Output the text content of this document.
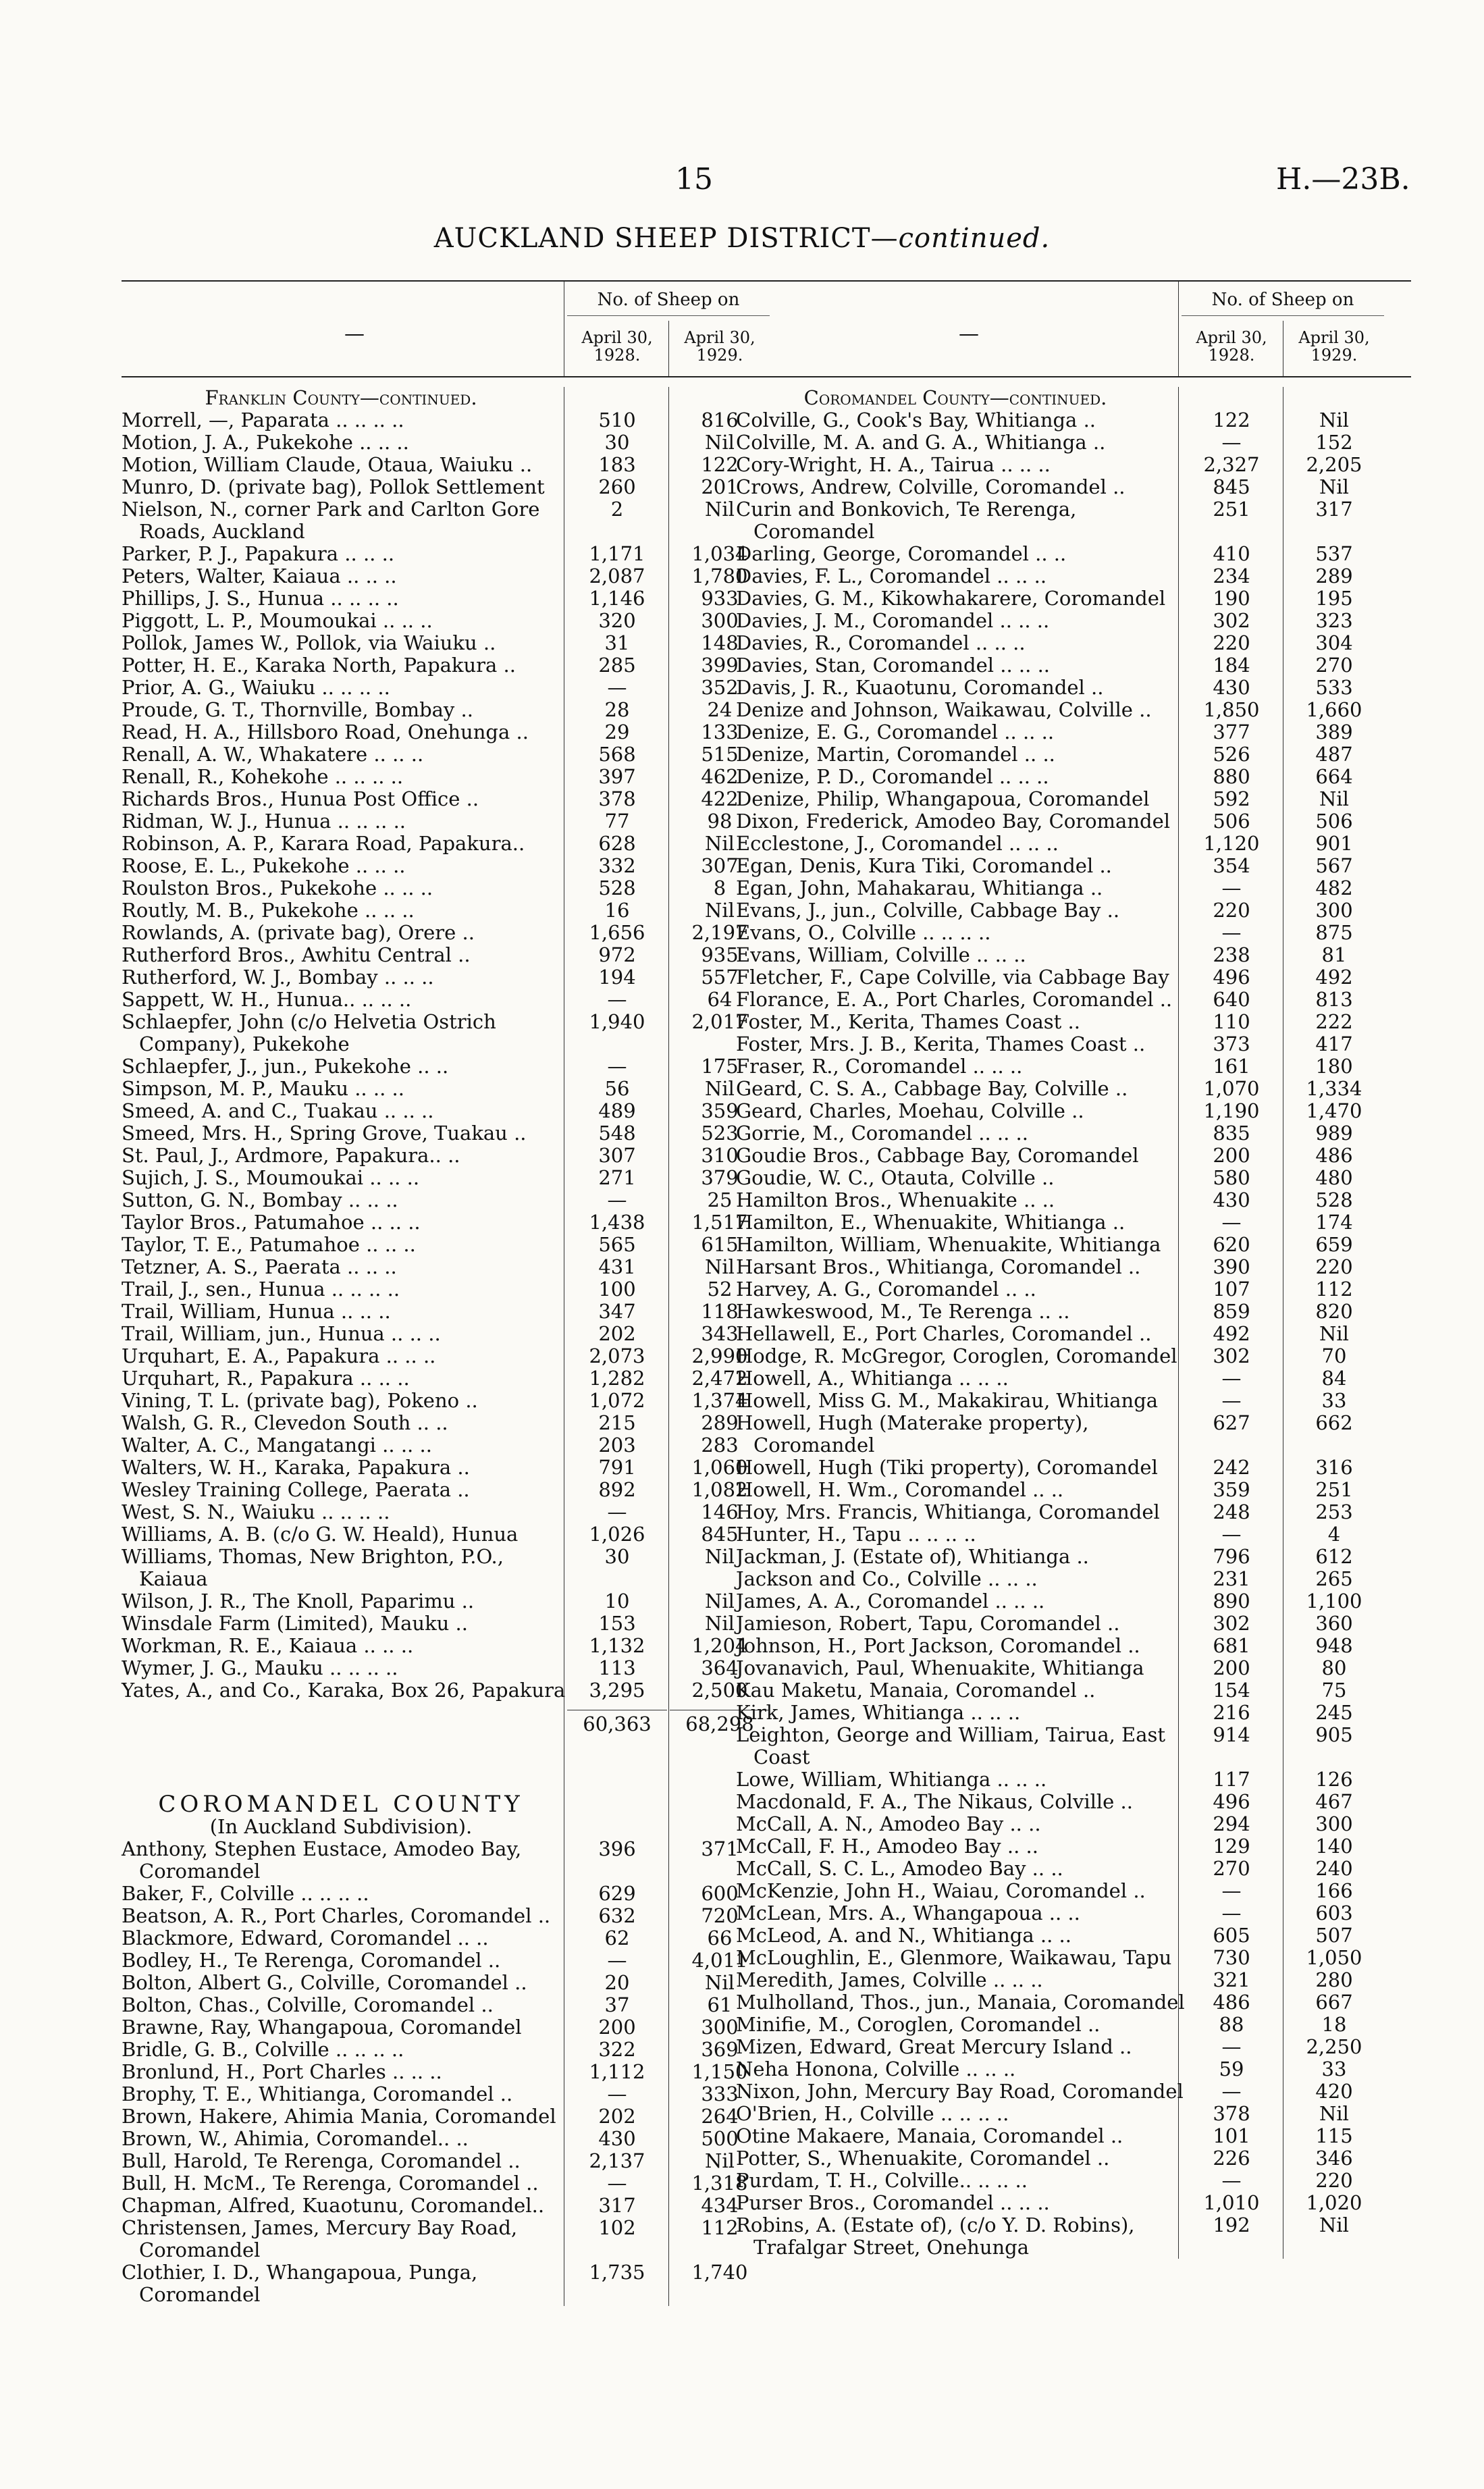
15	H.—23B.
AUCKLAND SHEEP DISTRICT—continued.
—
No. of Sheep on
April 30, 1928.
April 30, 1929.
Franklin County—continued.
Morrell, —, Paparata .. .. .. ..	510	816
Motion, J. A., Pukekohe .. .. ..	30	Nil
Motion, William Claude, Otaua, Waiuku ..	183	122
Munro, D. (private bag), Pollok Settlement	260	201
Nielson, N., corner Park and Carlton Gore Roads, Auckland
2	Nil
Parker, P. J., Papakura .. .. ..	1,171	1,034
Peters, Walter, Kaiaua .. .. ..	2,087	1,780
Phillips, J. S., Hunua .. .. .. ..	1,146	933
Piggott, L. P., Moumoukai .. .. ..	320	300
Pollok, James W., Pollok, via Waiuku ..	31	148
Potter, H. E., Karaka North, Papakura ..	285	399
Prior, A. G., Waiuku .. .. .. ..	—	352
Proude, G. T., Thornville, Bombay ..	28	24
Read, H. A., Hillsboro Road, Onehunga ..	29	133
Renall, A. W., Whakatere .. .. ..	568	515
Renall, R., Kohekohe .. .. .. ..	397	462
Richards Bros., Hunua Post Office ..	378	422
Ridman, W. J., Hunua .. .. .. ..	77	98
Robinson, A. P., Karara Road, Papakura..	628	Nil
Roose, E. L., Pukekohe .. .. ..	332	307
Roulston Bros., Pukekohe .. .. ..	528	8
Routly, M. B., Pukekohe .. .. ..	16	Nil
Rowlands, A. (private bag), Orere ..	1,656	2,197
Rutherford Bros., Awhitu Central ..	972	935
Rutherford, W. J., Bombay .. .. ..	194	557
Sappett, W. H., Hunua.. .. .. ..	—	64
Schlaepfer, John (c/o Helvetia Ostrich Company), Pukekohe
1,940	2,017
Schlaepfer, J., jun., Pukekohe .. ..	—	175
Simpson, M. P., Mauku .. .. ..	56	Nil
Smeed, A. and C., Tuakau .. .. ..	489	359
Smeed, Mrs. H., Spring Grove, Tuakau ..	548	523
St. Paul, J., Ardmore, Papakura.. ..	307	310
Sujich, J. S., Moumoukai .. .. ..	271	379
Sutton, G. N., Bombay .. .. ..	—	25
Taylor Bros., Patumahoe .. .. ..	1,438	1,517
Taylor, T. E., Patumahoe .. .. ..	565	615
Tetzner, A. S., Paerata .. .. ..	431	Nil
Trail, J., sen., Hunua .. .. .. ..	100	52
Trail, William, Hunua .. .. ..	347	118
Trail, William, jun., Hunua .. .. ..	202	343
Urquhart, E. A., Papakura .. .. ..	2,073	2,990
Urquhart, R., Papakura .. .. ..	1,282	2,472
Vining, T. L. (private bag), Pokeno ..	1,072	1,374
Walsh, G. R., Clevedon South .. ..	215	289
Walter, A. C., Mangatangi .. .. ..	203	283
Walters, W. H., Karaka, Papakura ..	791	1,060
Wesley Training College, Paerata ..	892	1,082
West, S. N., Waiuku .. .. .. ..	—	146
Williams, A. B. (c/o G. W. Heald), Hunua	1,026	845
Williams, Thomas, New Brighton, P.O., Kaiaua
30	Nil
Wilson, J. R., The Knoll, Paparimu ..	10	Nil
Winsdale Farm (Limited), Mauku ..	153	Nil
Workman, R. E., Kaiaua .. .. ..	1,132	1,204
Wymer, J. G., Mauku .. .. .. ..	113	364
Yates, A., and Co., Karaka, Box 26, Papakura	3,295	2,500
60,363	68,298
COROMANDEL COUNTY
(In Auckland Subdivision).
Anthony, Stephen Eustace, Amodeo Bay, Coromandel
396	371
Baker, F., Colville .. .. .. ..	629	600
Beatson, A. R., Port Charles, Coromandel ..	632	720
Blackmore, Edward, Coromandel .. ..	62	66
Bodley, H., Te Rerenga, Coromandel ..	—	4,011
Bolton, Albert G., Colville, Coromandel ..	20	Nil
Bolton, Chas., Colville, Coromandel ..	37	61
Brawne, Ray, Whangapoua, Coromandel	200	300
Bridle, G. B., Colville .. .. .. ..	322	369
Bronlund, H., Port Charles .. .. ..	1,112	1,150
Brophy, T. E., Whitianga, Coromandel ..	—	333
Brown, Hakere, Ahimia Mania, Coromandel	202	264
Brown, W., Ahimia, Coromandel.. ..	430	500
Bull, Harold, Te Rerenga, Coromandel ..	2,137	Nil
Bull, H. McM., Te Rerenga, Coromandel ..	—	1,318
Chapman, Alfred, Kuaotunu, Coromandel..	317	434
Christensen, James, Mercury Bay Road, Coromandel
102	112
Clothier, I. D., Whangapoua, Punga, Coromandel
1,735	1,740
—
No. of Sheep on
April 30, 1928.
April 30, 1929.
Coromandel County—continued.
Colville, G., Cook's Bay, Whitianga ..	122	Nil
Colville, M. A. and G. A., Whitianga ..	—	152
Cory-Wright, H. A., Tairua .. .. ..	2,327	2,205
Crows, Andrew, Colville, Coromandel ..	845	Nil
Curin and Bonkovich, Te Rerenga, Coromandel
251	317
Darling, George, Coromandel .. ..	410	537
Davies, F. L., Coromandel .. .. ..	234	289
Davies, G. M., Kikowhakarere, Coromandel	190	195
Davies, J. M., Coromandel .. .. ..	302	323
Davies, R., Coromandel .. .. ..	220	304
Davies, Stan, Coromandel .. .. ..	184	270
Davis, J. R., Kuaotunu, Coromandel ..	430	533
Denize and Johnson, Waikawau, Colville ..	1,850	1,660
Denize, E. G., Coromandel .. .. ..	377	389
Denize, Martin, Coromandel .. ..	526	487
Denize, P. D., Coromandel .. .. ..	880	664
Denize, Philip, Whangapoua, Coromandel	592	Nil
Dixon, Frederick, Amodeo Bay, Coromandel	506	506
Ecclestone, J., Coromandel .. .. ..	1,120	901
Egan, Denis, Kura Tiki, Coromandel ..	354	567
Egan, John, Mahakarau, Whitianga ..	—	482
Evans, J., jun., Colville, Cabbage Bay ..	220	300
Evans, O., Colville .. .. .. ..	—	875
Evans, William, Colville .. .. ..	238	81
Fletcher, F., Cape Colville, via Cabbage Bay	496	492
Florance, E. A., Port Charles, Coromandel ..	640	813
Foster, M., Kerita, Thames Coast ..	110	222
Foster, Mrs. J. B., Kerita, Thames Coast ..	373	417
Fraser, R., Coromandel .. .. ..	161	180
Geard, C. S. A., Cabbage Bay, Colville ..	1,070	1,334
Geard, Charles, Moehau, Colville ..	1,190	1,470
Gorrie, M., Coromandel .. .. ..	835	989
Goudie Bros., Cabbage Bay, Coromandel	200	486
Goudie, W. C., Otauta, Colville ..	580	480
Hamilton Bros., Whenuakite .. ..	430	528
Hamilton, E., Whenuakite, Whitianga ..	—	174
Hamilton, William, Whenuakite, Whitianga	620	659
Harsant Bros., Whitianga, Coromandel ..	390	220
Harvey, A. G., Coromandel .. ..	107	112
Hawkeswood, M., Te Rerenga .. ..	859	820
Hellawell, E., Port Charles, Coromandel ..	492	Nil
Hodge, R. McGregor, Coroglen, Coromandel	302	70
Howell, A., Whitianga .. .. ..	—	84
Howell, Miss G. M., Makakirau, Whitianga	—	33
Howell, Hugh (Materake property), Coromandel
627	662
Howell, Hugh (Tiki property), Coromandel	242	316
Howell, H. Wm., Coromandel .. ..	359	251
Hoy, Mrs. Francis, Whitianga, Coromandel	248	253
Hunter, H., Tapu .. .. .. ..	—	4
Jackman, J. (Estate of), Whitianga ..	796	612
Jackson and Co., Colville .. .. ..	231	265
James, A. A., Coromandel .. .. ..	890	1,100
Jamieson, Robert, Tapu, Coromandel ..	302	360
Johnson, H., Port Jackson, Coromandel ..	681	948
Jovanavich, Paul, Whenuakite, Whitianga	200	80
Kau Maketu, Manaia, Coromandel ..	154	75
Kirk, James, Whitianga .. .. ..	216	245
Leighton, George and William, Tairua, East Coast
914	905
Lowe, William, Whitianga .. .. ..	117	126
Macdonald, F. A., The Nikaus, Colville ..	496	467
McCall, A. N., Amodeo Bay .. ..	294	300
McCall, F. H., Amodeo Bay .. ..	129	140
McCall, S. C. L., Amodeo Bay .. ..	270	240
McKenzie, John H., Waiau, Coromandel ..	—	166
McLean, Mrs. A., Whangapoua .. ..	—	603
McLeod, A. and N., Whitianga .. ..	605	507
McLoughlin, E., Glenmore, Waikawau, Tapu	730	1,050
Meredith, James, Colville .. .. ..	321	280
Mulholland, Thos., jun., Manaia, Coromandel	486	667
Minifie, M., Coroglen, Coromandel ..	88	18
Mizen, Edward, Great Mercury Island ..	—	2,250
Neha Honona, Colville .. .. ..	59	33
Nixon, John, Mercury Bay Road, Coromandel	—	420
O'Brien, H., Colville .. .. .. ..	378	Nil
Otine Makaere, Manaia, Coromandel ..	101	115
Potter, S., Whenuakite, Coromandel ..	226	346
Purdam, T. H., Colville.. .. .. ..	—	220
Purser Bros., Coromandel .. .. ..	1,010	1,020
Robins, A. (Estate of), (c/o Y. D. Robins), Trafalgar Street, Onehunga
192	Nil
